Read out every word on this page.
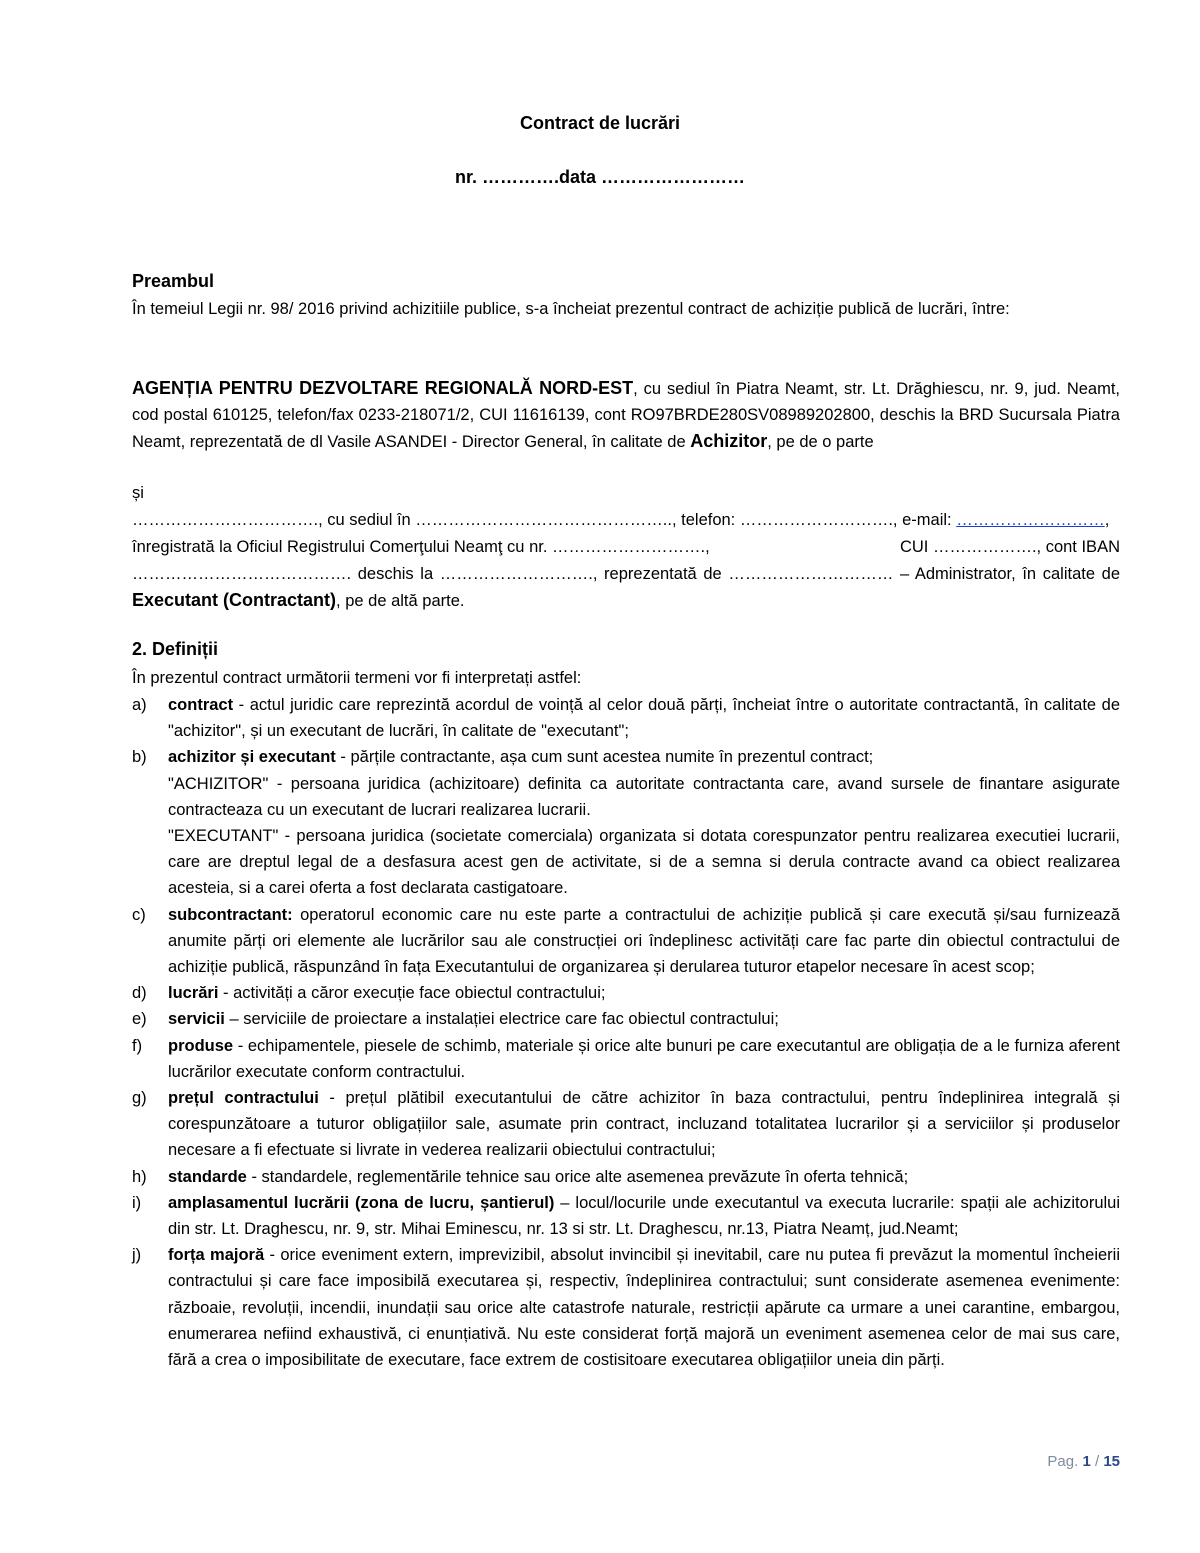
Contract de lucrări
nr. ………….data ……………………
Preambul
În temeiul Legii nr. 98/ 2016 privind achizitiile publice, s-a încheiat prezentul contract de achiziție publică de lucrări, între:
AGENȚIA PENTRU DEZVOLTARE REGIONALĂ NORD-EST, cu sediul în Piatra Neamt, str. Lt. Drăghiescu, nr. 9, jud. Neamt, cod postal 610125, telefon/fax 0233-218071/2, CUI 11616139, cont RO97BRDE280SV08989202800, deschis la BRD Sucursala Piatra Neamt, reprezentată de dl Vasile ASANDEI - Director General, în calitate de Achizitor, pe de o parte
și
……………………………., cu sediul în ……………………………………….., telefon: ………………………., e-mail: ………………………,
înregistrată la Oficiul Registrului Comerţului Neamţ cu nr. ……………………….,	CUI ………………., cont IBAN
…………………………………. deschis la ………………………., reprezentată de ………………………… – Administrator, în calitate de Executant (Contractant), pe de altă parte.
2. Definiții
În prezentul contract următorii termeni vor fi interpretați astfel:
a) contract - actul juridic care reprezintă acordul de voință al celor două părți, încheiat între o autoritate contractantă, în calitate de "achizitor", și un executant de lucrări, în calitate de "executant";
b) achizitor și executant - părțile contractante, așa cum sunt acestea numite în prezentul contract;
"ACHIZITOR" - persoana juridica (achizitoare) definita ca autoritate contractanta care, avand sursele de finantare asigurate contracteaza cu un executant de lucrari realizarea lucrarii.
"EXECUTANT" - persoana juridica (societate comerciala) organizata si dotata corespunzator pentru realizarea executiei lucrarii, care are dreptul legal de a desfasura acest gen de activitate, si de a semna si derula contracte avand ca obiect realizarea acesteia, si a carei oferta a fost declarata castigatoare.
c) subcontractant: operatorul economic care nu este parte a contractului de achiziție publică și care execută și/sau furnizează anumite părți ori elemente ale lucrărilor sau ale construcției ori îndeplinesc activități care fac parte din obiectul contractului de achiziție publică, răspunzând în fața Executantului de organizarea și derularea tuturor etapelor necesare în acest scop;
d) lucrări - activități a căror execuție face obiectul contractului;
e) servicii – serviciile de proiectare a instalației electrice care fac obiectul contractului;
f) produse - echipamentele, piesele de schimb, materiale și orice alte bunuri pe care executantul are obligația de a le furniza aferent lucrărilor executate conform contractului.
g) prețul contractului - prețul plătibil executantului de către achizitor în baza contractului, pentru îndeplinirea integrală și corespunzătoare a tuturor obligațiilor sale, asumate prin contract, incluzand totalitatea lucrarilor și a serviciilor și produselor necesare a fi efectuate si livrate in vederea realizarii obiectului contractului;
h) standarde - standardele, reglementările tehnice sau orice alte asemenea prevăzute în oferta tehnică;
i) amplasamentul lucrării (zona de lucru, șantierul) – locul/locurile unde executantul va executa lucrarile: spații ale achizitorului din str. Lt. Draghescu, nr. 9, str. Mihai Eminescu, nr. 13 si str. Lt. Draghescu, nr.13, Piatra Neamț, jud.Neamt;
j) forța majoră - orice eveniment extern, imprevizibil, absolut invincibil și inevitabil, care nu putea fi prevăzut la momentul încheierii contractului și care face imposibilă executarea și, respectiv, îndeplinirea contractului; sunt considerate asemenea evenimente: războaie, revoluții, incendii, inundații sau orice alte catastrofe naturale, restricții apărute ca urmare a unei carantine, embargou, enumerarea nefiind exhaustivă, ci enunțiativă. Nu este considerat forță majoră un eveniment asemenea celor de mai sus care, fără a crea o imposibilitate de executare, face extrem de costisitoare executarea obligațiilor uneia din părți.
Pag. 1 / 15
